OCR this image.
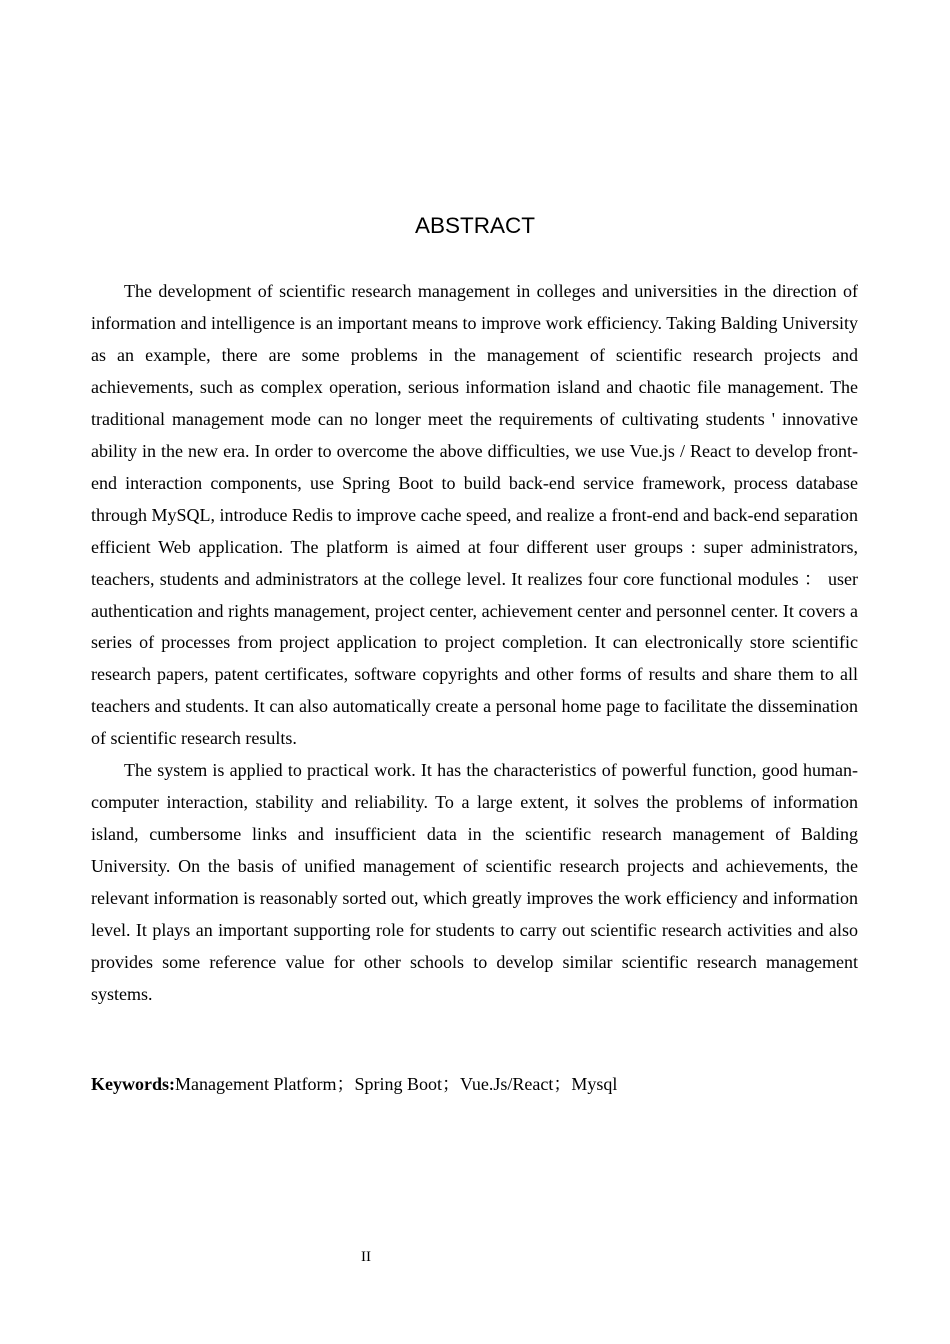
ABSTRACT

The development of scientific research management in colleges and universities in the direction of information and intelligence is an important means to improve work efficiency. Taking Balding University as an example, there are some problems in the management of scientific research projects and achievements, such as complex operation, serious information island and chaotic file management. The traditional management mode can no longer meet the requirements of cultivating students ' innovative ability in the new era. In order to overcome the above difficulties, we use Vue.js / React to develop front-end interaction components, use Spring Boot to build back-end service framework, process database through MySQL, introduce Redis to improve cache speed, and realize a front-end and back-end separation efficient Web application. The platform is aimed at four different user groups : super administrators, teachers, students and administrators at the college level. It realizes four core functional modules ： user authentication and rights management, project center, achievement center and personnel center. It covers a series of processes from project application to project completion. It can electronically store scientific research papers, patent certificates, software copyrights and other forms of results and share them to all teachers and students. It can also automatically create a personal home page to facilitate the dissemination of scientific research results.

The system is applied to practical work. It has the characteristics of powerful function, good human-computer interaction, stability and reliability. To a large extent, it solves the problems of information island, cumbersome links and insufficient data in the scientific research management of Balding University. On the basis of unified management of scientific research projects and achievements, the relevant information is reasonably sorted out, which greatly improves the work efficiency and information level. It plays an important supporting role for students to carry out scientific research activities and also provides some reference value for other schools to develop similar scientific research management systems.

Keywords:Management Platform；Spring Boot；Vue.Js/React；Mysql

II
